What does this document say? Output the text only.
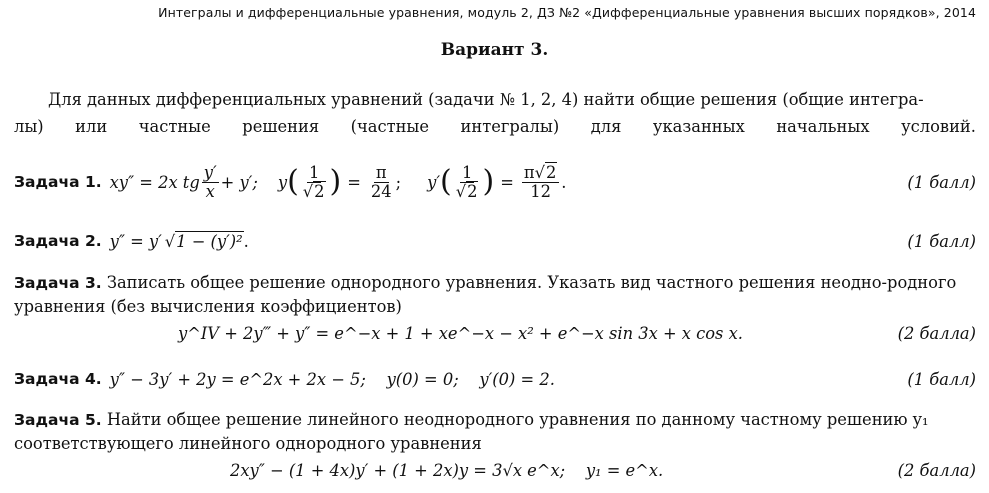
Интегралы и дифференциальные уравнения, модуль 2, ДЗ №2 «Дифференциальные уравнения высших порядков», 2014
Вариант 3.
Для данных дифференциальных уравнений (задачи № 1, 2, 4) найти общие решения (общие интегра-
лы) или частные решения (частные интегралы) для указанных начальных условий.
Задача 1. xy″ = 2x tg $\frac{y'}{x} + y'$; y ( $\frac{1}{√2}$ ) = $\frac{\pi}{24}$ ; y′ ( $\frac{1}{√2}$ ) = $\frac{\pi√2}{12}$ .	(1 балл)
Задача 2. y″ = y′ √ 1 − (y′)² .	(1 балл)
Задача 3. Записать общее решение однородного уравнения. Указать вид частного решения неодно-родного уравнения (без вычисления коэффициентов)
y^IV + 2y‴ + y″ = e^−x + 1 + xe^−x − x² + e^−x sin 3x + x cos x.	(2 балла)
Задача 4. y″ − 3y′ + 2y = e^2x + 2x − 5;    y(0) = 0;    y′(0) = 2.	(1 балл)
Задача 5. Найти общее решение линейного неоднородного уравнения по данному частному решению y₁ соответствующего линейного однородного уравнения
2xy″ − (1 + 4x)y′ + (1 + 2x)y = 3√x e^x;    y₁ = e^x.	(2 балла)
